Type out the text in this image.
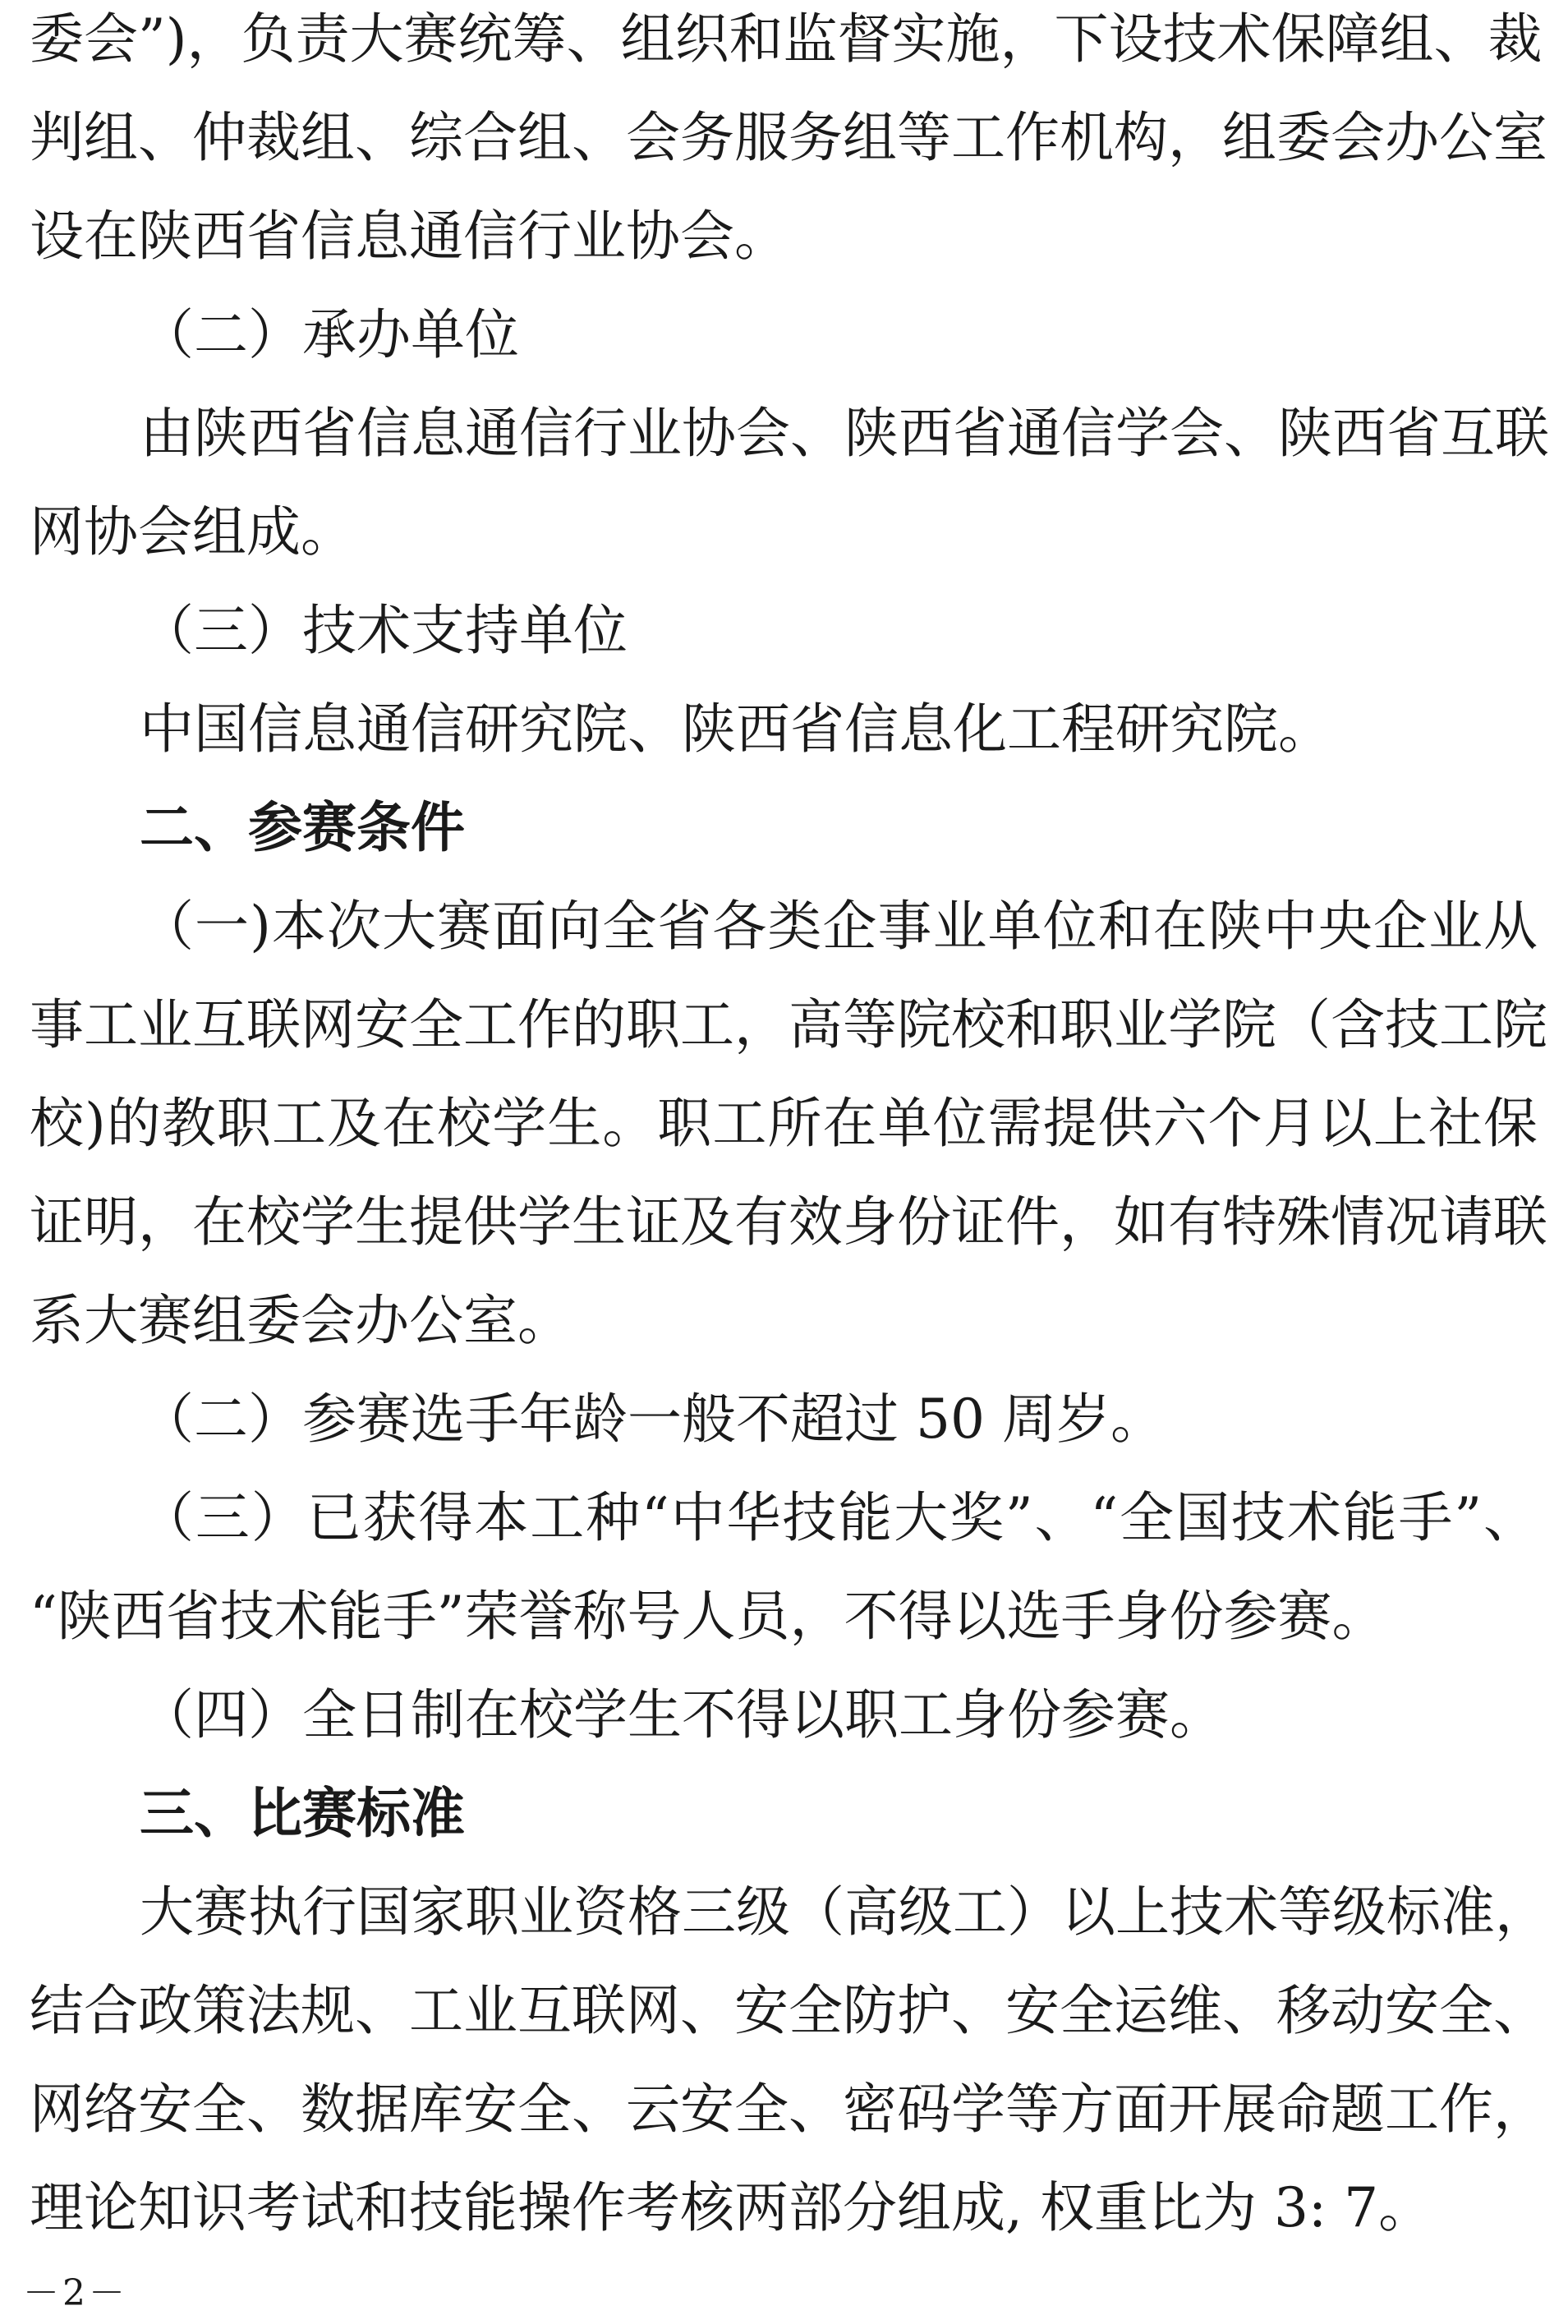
委会”)，负责大赛统筹、组织和监督实施，下设技术保障组、裁

判组、仲裁组、综合组、会务服务组等工作机构，组委会办公室

设在陕西省信息通信行业协会。

（二）承办单位

由陕西省信息通信行业协会、陕西省通信学会、陕西省互联

网协会组成。

（三）技术支持单位

中国信息通信研究院、陕西省信息化工程研究院。

二、参赛条件

（一)本次大赛面向全省各类企事业单位和在陕中央企业从

事工业互联网安全工作的职工，高等院校和职业学院（含技工院

校)的教职工及在校学生。职工所在单位需提供六个月以上社保

证明，在校学生提供学生证及有效身份证件，如有特殊情况请联

系大赛组委会办公室。

（二）参赛选手年龄一般不超过 50 周岁。

（三）已获得本工种“中华技能大奖”、“全国技术能手”、

“陕西省技术能手”荣誉称号人员，不得以选手身份参赛。

（四）全日制在校学生不得以职工身份参赛。

三、比赛标准

大赛执行国家职业资格三级（高级工）以上技术等级标准，

结合政策法规、工业互联网、安全防护、安全运维、移动安全、

网络安全、数据库安全、云安全、密码学等方面开展命题工作，

理论知识考试和技能操作考核两部分组成, 权重比为 3: 7。

－2－
